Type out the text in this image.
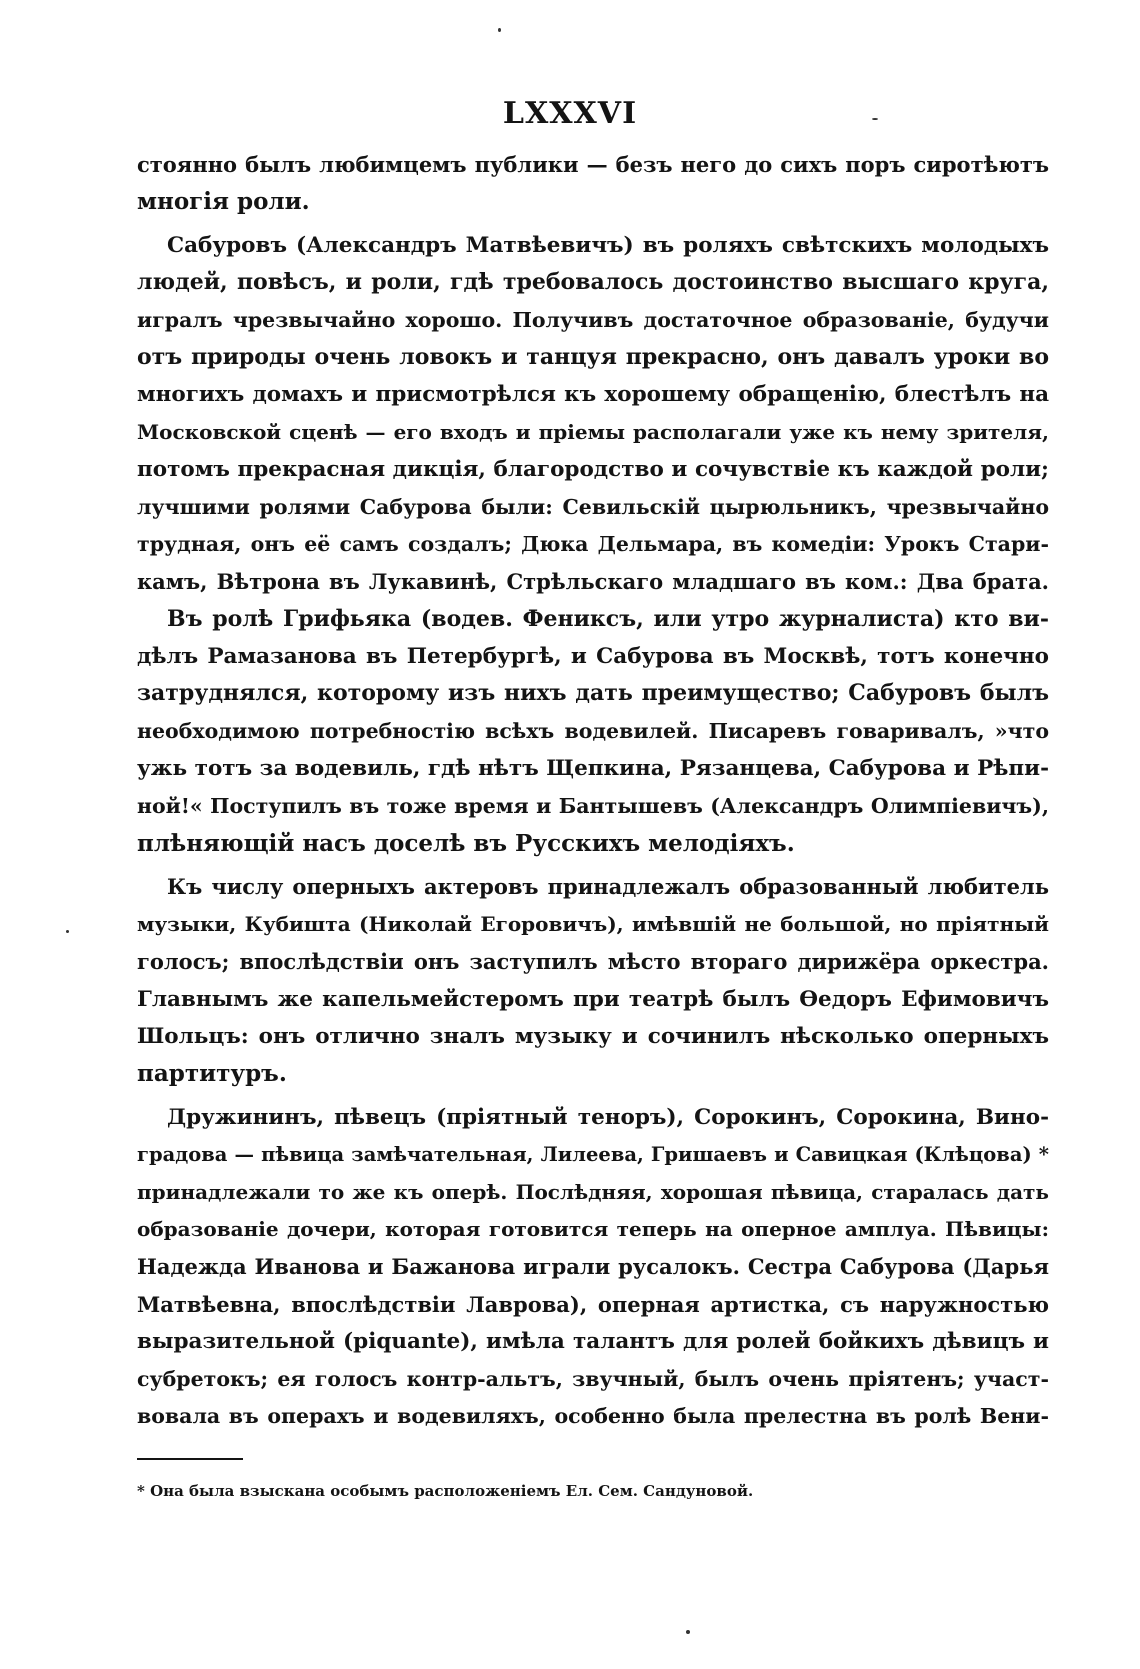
LXXXVI
стоянно былъ любимцемъ публики — безъ него до сихъ поръ сиротѣютъ
многiя роли.
Сабуровъ (Александръ Матвѣевичъ) въ роляхъ свѣтскихъ молодыхъ
людей, повѣсъ, и роли, гдѣ требовалось достоинство высшаго круга,
игралъ чрезвычайно хорошо. Получивъ достаточное образованiе, будучи
отъ природы очень ловокъ и танцуя прекрасно, онъ давалъ уроки во
многихъ домахъ и присмотрѣлся къ хорошему обращенiю, блестѣлъ на
Московской сценѣ — его входъ и прiемы располагали уже къ нему зрителя,
потомъ прекрасная дикцiя, благородство и сочувствiе къ каждой роли;
лучшими ролями Сабурова были: Севильскiй цырюльникъ, чрезвычайно
трудная, онъ её самъ создалъ; Дюка Дельмара, въ комедiи: Урокъ Стари-
камъ, Вѣтрона въ Лукавинѣ, Стрѣльскаго младшаго въ ком.: Два брата.
Въ ролѣ Грифьяка (водев. Фениксъ, или утро журналиста) кто ви-
дѣлъ Рамазанова въ Петербургѣ, и Сабурова въ Москвѣ, тотъ конечно
затруднялся, которому изъ нихъ дать преимущество; Сабуровъ былъ
необходимою потребностiю всѣхъ водевилей. Писаревъ говаривалъ, »что
ужь тотъ за водевиль, гдѣ нѣтъ Щепкина, Рязанцева, Сабурова и Рѣпи-
ной!« Поступилъ въ тоже время и Бантышевъ (Александръ Олимпiевичъ),
плѣняющiй насъ доселѣ въ Русскихъ мелодiяхъ.
Къ числу оперныхъ актеровъ принадлежалъ образованный любитель
музыки, Кубишта (Николай Егоровичъ), имѣвшiй не большой, но прiятный
голосъ; впослѣдствiи онъ заступилъ мѣсто втораго дирижёра оркестра.
Главнымъ же капельмейстеромъ при театрѣ былъ Ѳедоръ Ефимовичъ
Шольцъ: онъ отлично зналъ музыку и сочинилъ нѣсколько оперныхъ
партитуръ.
Дружининъ, пѣвецъ (прiятный теноръ), Сорокинъ, Сорокина, Вино-
градова — пѣвица замѣчательная, Лилеева, Гришаевъ и Савицкая (Клѣцова) *
принадлежали то же къ оперѣ. Послѣдняя, хорошая пѣвица, старалась дать
образованiе дочери, которая готовится теперь на оперное амплуа. Пѣвицы:
Надежда Иванова и Бажанова играли русалокъ. Сестра Сабурова (Дарья
Матвѣевна, впослѣдствiи Лаврова), оперная артистка, съ наружностью
выразительной (piquante), имѣла талантъ для ролей бойкихъ дѣвицъ и
субретокъ; ея голосъ контр-альтъ, звучный, былъ очень прiятенъ; участ-
вовала въ операхъ и водевиляхъ, особенно была прелестна въ ролѣ Вени-
* Она была взыскана особымъ расположенiемъ Ел. Сем. Сандуновой.
